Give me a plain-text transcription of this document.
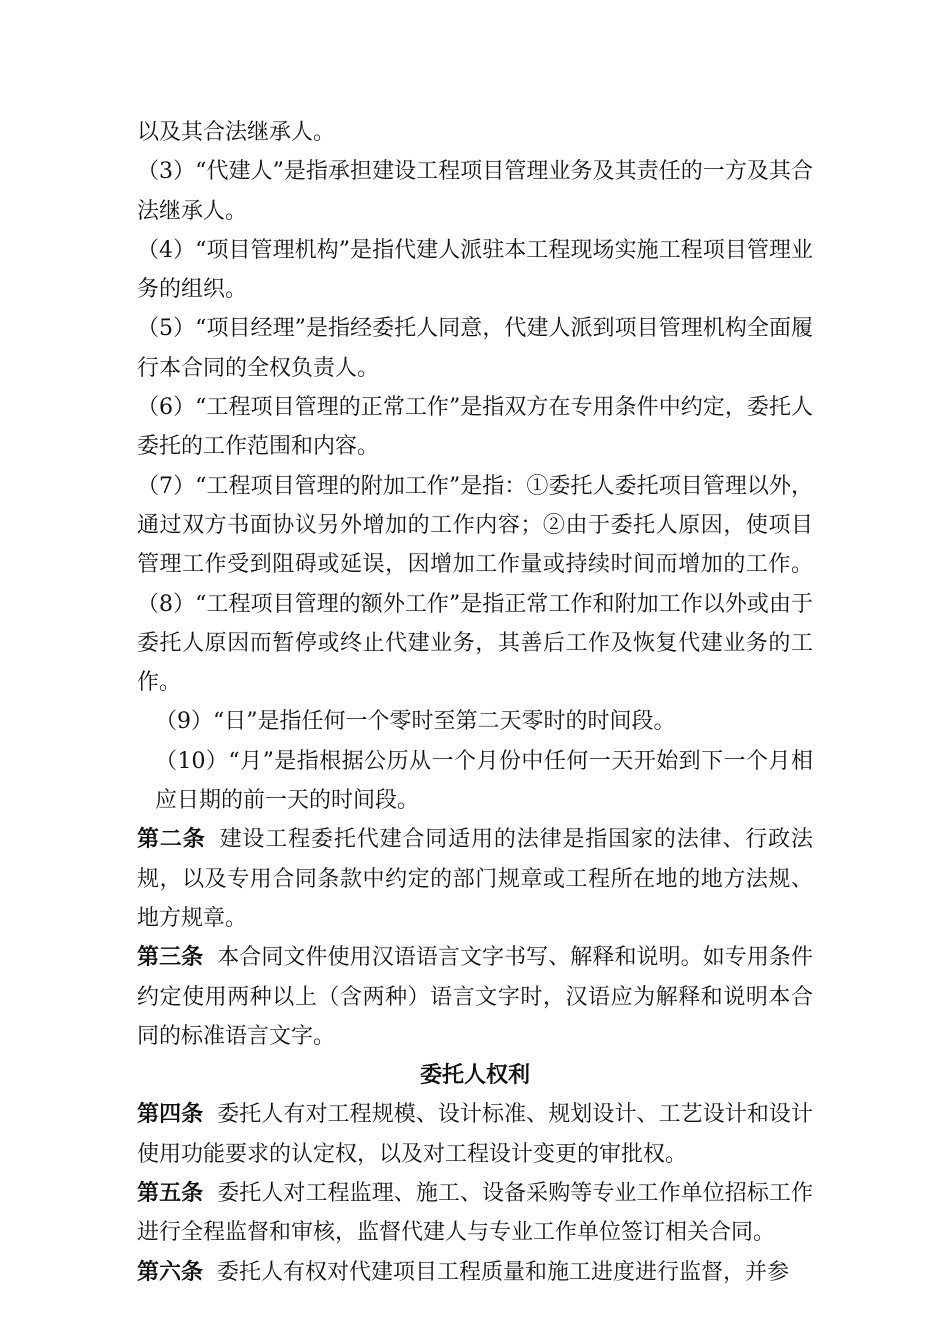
以及其合法继承人。

（3）“代建人”是指承担建设工程项目管理业务及其责任的一方及其合法继承人。

（4）“项目管理机构”是指代建人派驻本工程现场实施工程项目管理业务的组织。

（5）“项目经理”是指经委托人同意，代建人派到项目管理机构全面履行本合同的全权负责人。

（6）“工程项目管理的正常工作”是指双方在专用条件中约定，委托人委托的工作范围和内容。

（7）“工程项目管理的附加工作”是指：①委托人委托项目管理以外，通过双方书面协议另外增加的工作内容；②由于委托人原因，使项目管理工作受到阻碍或延误，因增加工作量或持续时间而增加的工作。（8）“工程项目管理的额外工作”是指正常工作和附加工作以外或由于委托人原因而暂停或终止代建业务，其善后工作及恢复代建业务的工作。

（9）“日”是指任何一个零时至第二天零时的时间段。

（10）“月”是指根据公历从一个月份中任何一天开始到下一个月相应日期的前一天的时间段。

第二条 建设工程委托代建合同适用的法律是指国家的法律、行政法规，以及专用合同条款中约定的部门规章或工程所在地的地方法规、地方规章。

第三条 本合同文件使用汉语语言文字书写、解释和说明。如专用条件约定使用两种以上（含两种）语言文字时，汉语应为解释和说明本合同的标准语言文字。

委托人权利

第四条 委托人有对工程规模、设计标准、规划设计、工艺设计和设计使用功能要求的认定权，以及对工程设计变更的审批权。

第五条 委托人对工程监理、施工、设备采购等专业工作单位招标工作进行全程监督和审核，监督代建人与专业工作单位签订相关合同。

第六条 委托人有权对代建项目工程质量和施工进度进行监督，并参
